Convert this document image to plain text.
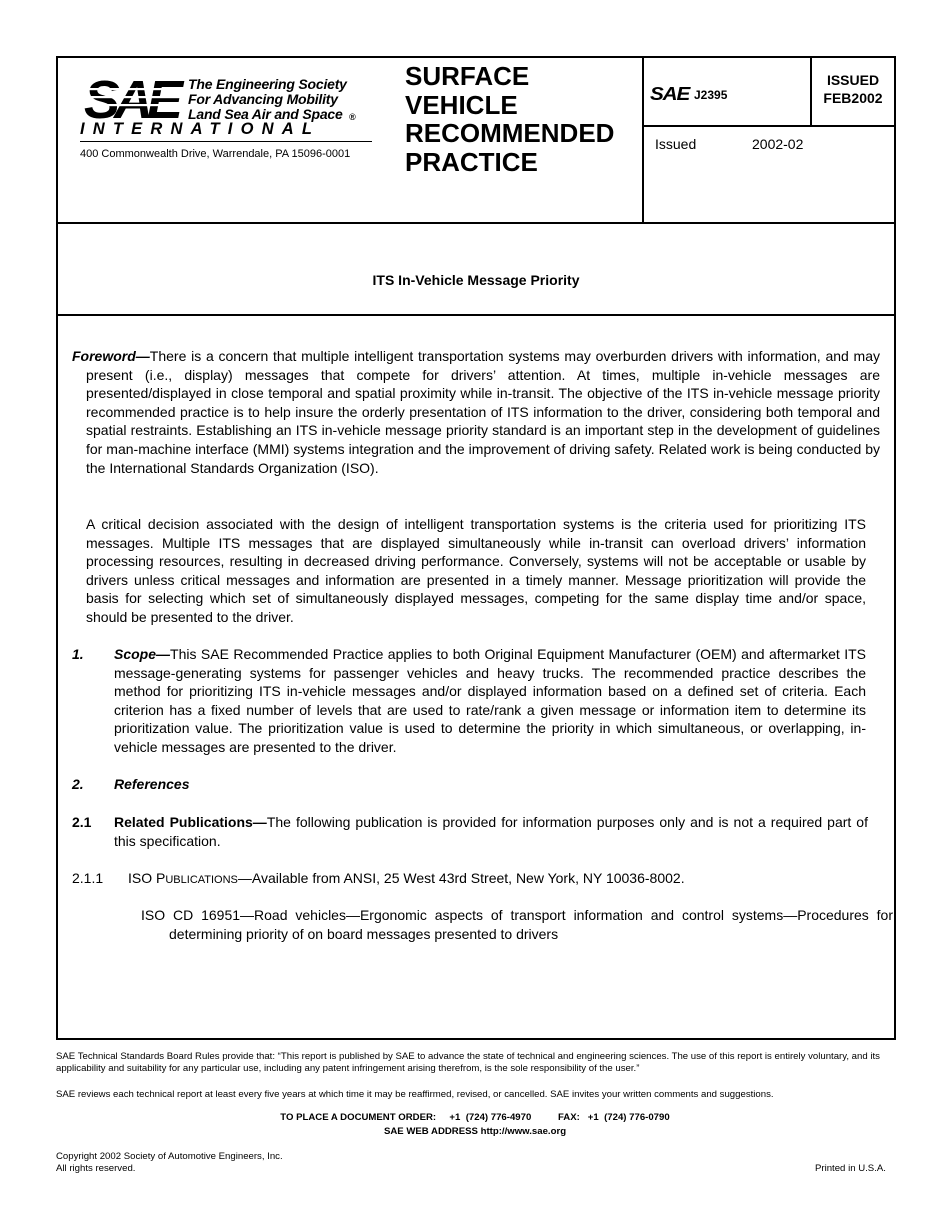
The Engineering Society
For Advancing Mobility
Land Sea Air and Space ®
INTERNATIONAL
400 Commonwealth Drive, Warrendale, PA 15096-0001
SURFACE
VEHICLE
RECOMMENDED
PRACTICE
SAE J2395
ISSUED
FEB2002
Issued	2002-02
ITS In-Vehicle Message Priority
Foreword—There is a concern that multiple intelligent transportation systems may overburden drivers with information, and may present (i.e., display) messages that compete for drivers’ attention. At times, multiple in-vehicle messages are presented/displayed in close temporal and spatial proximity while in-transit. The objective of the ITS in-vehicle message priority recommended practice is to help insure the orderly presentation of ITS information to the driver, considering both temporal and spatial restraints. Establishing an ITS in-vehicle message priority standard is an important step in the development of guidelines for man-machine interface (MMI) systems integration and the improvement of driving safety. Related work is being conducted by the International Standards Organization (ISO).
A critical decision associated with the design of intelligent transportation systems is the criteria used for prioritizing ITS messages. Multiple ITS messages that are displayed simultaneously while in-transit can overload drivers’ information processing resources, resulting in decreased driving performance. Conversely, systems will not be acceptable or usable by drivers unless critical messages and information are presented in a timely manner. Message prioritization will provide the basis for selecting which set of simultaneously displayed messages, competing for the same display time and/or space, should be presented to the driver.
1. Scope—This SAE Recommended Practice applies to both Original Equipment Manufacturer (OEM) and aftermarket ITS message-generating systems for passenger vehicles and heavy trucks. The recommended practice describes the method for prioritizing ITS in-vehicle messages and/or displayed information based on a defined set of criteria. Each criterion has a fixed number of levels that are used to rate/rank a given message or information item to determine its prioritization value. The prioritization value is used to determine the priority in which simultaneous, or overlapping, in-vehicle messages are presented to the driver.
2. References
2.1 Related Publications—The following publication is provided for information purposes only and is not a required part of this specification.
2.1.1 ISO PUBLICATIONS—Available from ANSI, 25 West 43rd Street, New York, NY 10036-8002.
ISO CD 16951—Road vehicles—Ergonomic aspects of transport information and control systems—Procedures for determining priority of on board messages presented to drivers
SAE Technical Standards Board Rules provide that: “This report is published by SAE to advance the state of technical and engineering sciences. The use of this report is entirely voluntary, and its applicability and suitability for any particular use, including any patent infringement arising therefrom, is the sole responsibility of the user.”
SAE reviews each technical report at least every five years at which time it may be reaffirmed, revised, or cancelled. SAE invites your written comments and suggestions.
TO PLACE A DOCUMENT ORDER:     +1  (724) 776-4970          FAX:   +1  (724) 776-0790
SAE WEB ADDRESS http://www.sae.org
Copyright 2002 Society of Automotive Engineers, Inc.
All rights reserved.	Printed in U.S.A.
